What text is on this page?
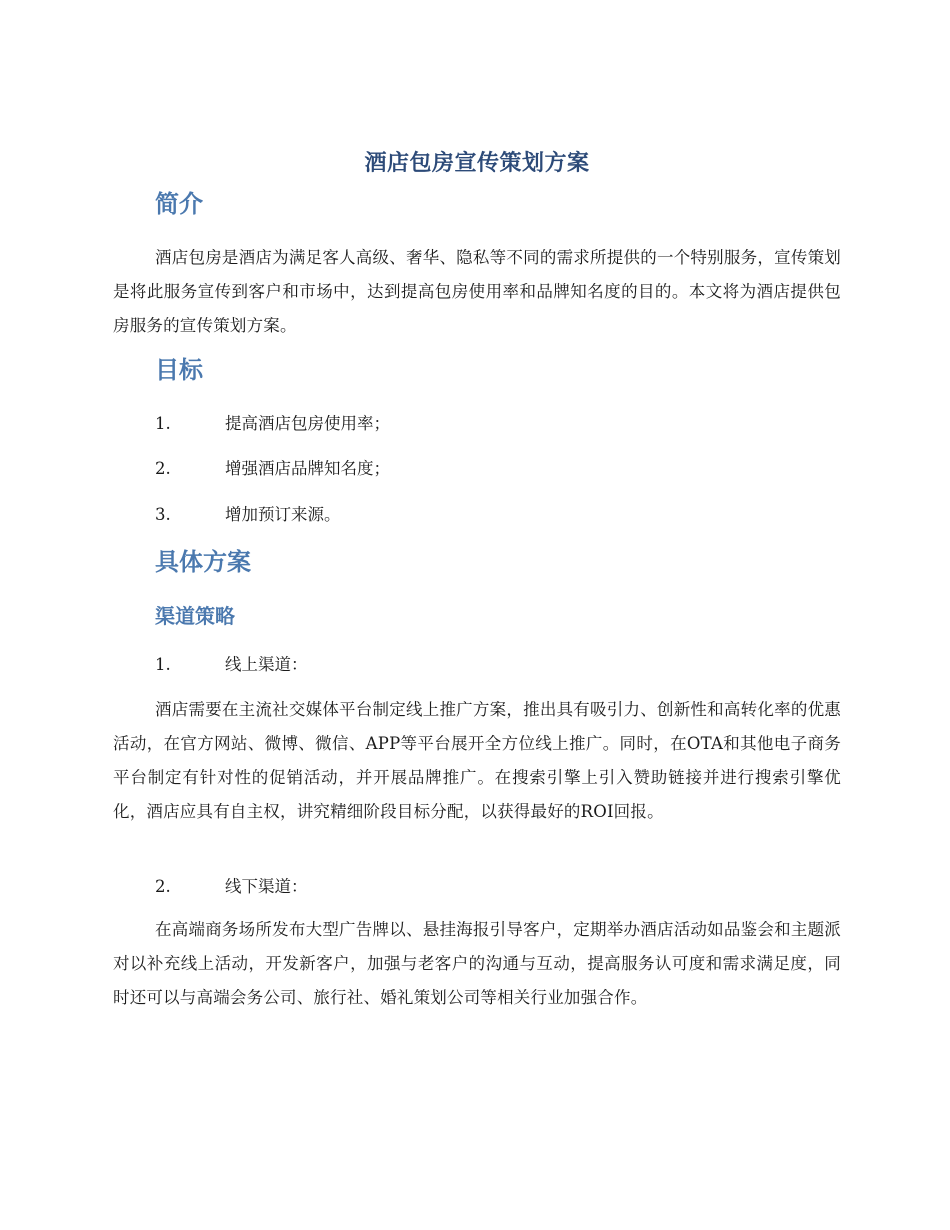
酒店包房宣传策划方案
简介

酒店包房是酒店为满足客人高级、奢华、隐私等不同的需求所提供的一个特别服务，宣传策划是将此服务宣传到客户和市场中，达到提高包房使用率和品牌知名度的目的。本文将为酒店提供包房服务的宣传策划方案。

目标
1.	提高酒店包房使用率；
2.	增强酒店品牌知名度；
3.	增加预订来源。
具体方案
渠道策略
1.	线上渠道：

酒店需要在主流社交媒体平台制定线上推广方案，推出具有吸引力、创新性和高转化率的优惠活动，在官方网站、微博、微信、APP等平台展开全方位线上推广。同时，在OTA和其他电子商务平台制定有针对性的促销活动，并开展品牌推广。在搜索引擎上引入赞助链接并进行搜索引擎优化，酒店应具有自主权，讲究精细阶段目标分配，以获得最好的ROI回报。

2.	线下渠道：

在高端商务场所发布大型广告牌以、悬挂海报引导客户，定期举办酒店活动如品鉴会和主题派对以补充线上活动，开发新客户，加强与老客户的沟通与互动，提高服务认可度和需求满足度，同时还可以与高端会务公司、旅行社、婚礼策划公司等相关行业加强合作。
